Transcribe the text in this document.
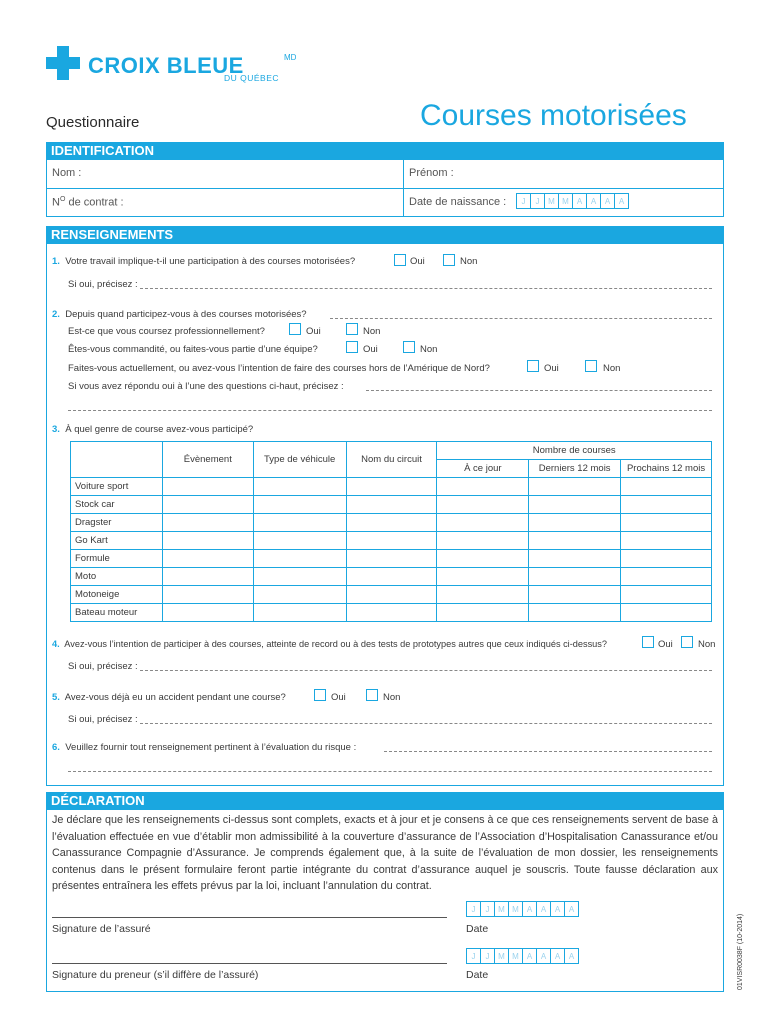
CROIX BLEUE	MD
DU QUÉBEC
Questionnaire	Courses motorisées
IDENTIFICATION
Nom :	Prénom :
$N^O$ de contrat :	Date de naissance :	J	J	M M	A	A	A	A
RENSEIGNEMENTS
1. Votre travail implique-t-il une participation à des courses motorisées?	Oui	Non
Si oui, précisez :
2. Depuis quand participez-vous à des courses motorisées?
Est-ce que vous coursez professionnellement?	Oui	Non
Êtes-vous commandité, ou faites-vous partie d’une équipe?	Oui	Non
Faites-vous actuellement, ou avez-vous l’intention de faire des courses hors de l’Amérique de Nord?	Oui	Non
Si vous avez répondu oui à l’une des questions ci-haut, précisez :
3. À quel genre de course avez-vous participé?
	Évènement	Type de véhicule	Nom du circuit	Nombre de courses		
				À ce jour	Derniers 12 mois	Prochains 12 mois
Voiture sport						
Stock car						
Dragster						
Go Kart						
Formule						
Moto						
Motoneige						
Bateau moteur						
4. Avez-vous l’intention de participer à des courses, atteinte de record ou à des tests de prototypes autres que ceux indiqués ci-dessus?	Oui	Non
Si oui, précisez :
5. Avez-vous déjà eu un accident pendant une course?	Oui	Non
Si oui, précisez :
6. Veuillez fournir tout renseignement pertinent à l’évaluation du risque :
DÉCLARATION
Je déclare que les renseignements ci-dessus sont complets, exacts et à jour et je consens à ce que ces renseignements servent de base à l’évaluation effectuée en vue d’établir mon admissibilité à la couverture d’assurance de l’Association d’Hospitalisation Canassurance et/ou Canassurance Compagnie d’Assurance. Je comprends également que, à la suite de l’évaluation de mon dossier, les renseignements contenus dans le présent formulaire feront partie intégrante du contrat d’assurance auquel je souscris. Toute fausse déclaration aux présentes entraînera les effets prévus par la loi, incluant l’annulation du contrat.
Signature de l’assuré
J	J	M M	A	A	A	A
Date
Signature du preneur (s’il diffère de l’assuré)
J	J	M M	A	A	A	A
Date	01VISR0038F (10-2014)
